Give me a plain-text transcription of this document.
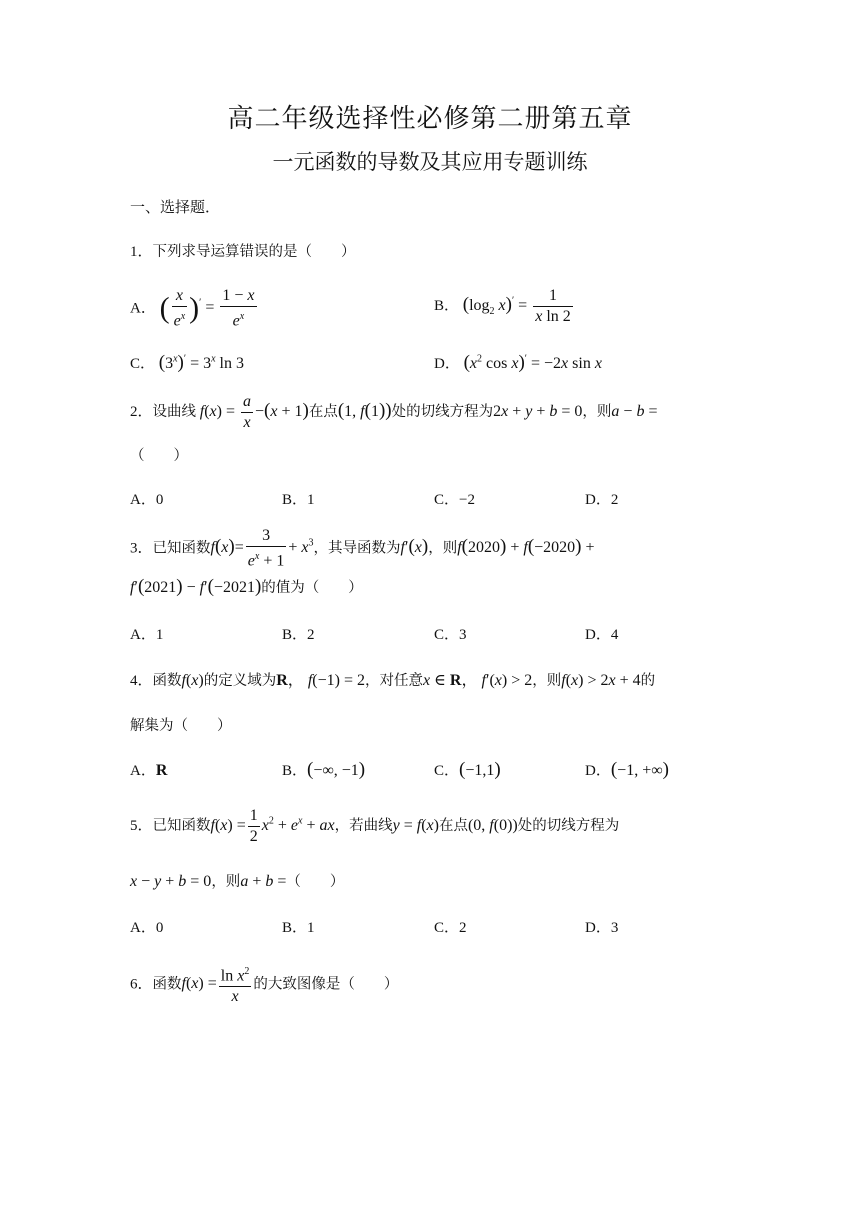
高二年级选择性必修第二册第五章
一元函数的导数及其应用专题训练
一、选择题．
1．下列求导运算错误的是（　　）
A． ( $\frac{x}{e^x} )' = \frac{1 - x}{e^x}$	B． ($\log_2$ $x)' = \frac{1}{\text{x ln 2}}$
C． $(3^x)' = 3^x$ ln 3	D． ($x^2$ cos x)′ = −2x sin x
2．设曲线 $f(x) = \frac{a}{x} -(x + 1)$在点(1, f(1))处的切线方程为2x + y + b = 0，则a − b =
（　　）
A．0	B．1	C．−2	D．2
3．已知函数$f(x)= \frac{3}{e^x + 1} + x^3$，其导函数为f′(x)，则f(2020) + f(−2020) +
f′(2021) − f′(−2021)的值为（　　）
A．1	B．2	C．3	D．4
4．函数f(x)的定义域为R， f(−1) = 2，对任意x ∈ R， f′(x) > 2，则f(x) > 2x + 4的
解集为（　　）
A．R	B．(−∞, −1)	C．(−1,1)	D．(−1, +∞)
5．已知函数$f(x) = \frac{1}{2} x^2 + e^x$ + ax，若曲线y = f(x)在点(0, f(0))处的切线方程为
x − y + b = 0，则a + b =（　　）
A．0	B．1	C．2	D．3
6．函数$f(x) = \frac{\ln x^2}{x}$ 的大致图像是（　　）
